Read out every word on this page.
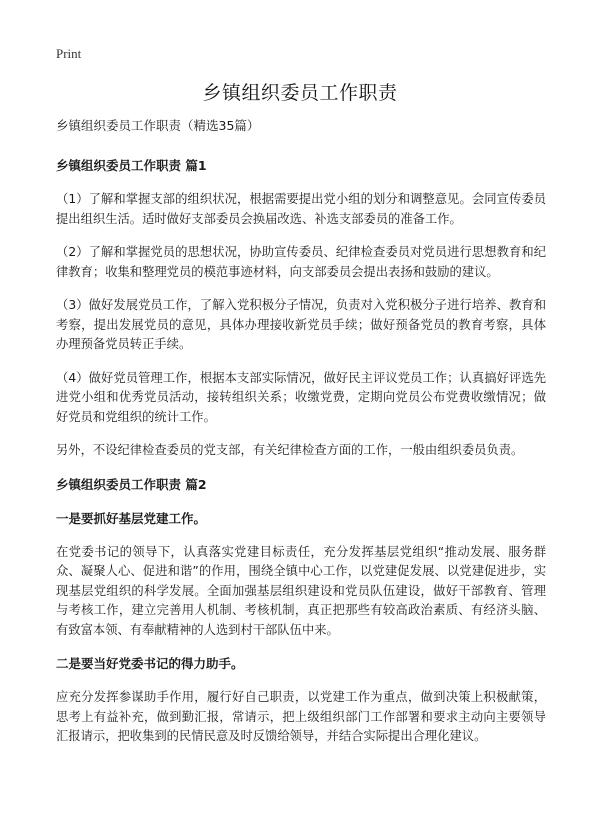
Print
乡镇组织委员工作职责

乡镇组织委员工作职责（精选35篇）

乡镇组织委员工作职责 篇1

（1）了解和掌握支部的组织状况，根据需要提出党小组的划分和调整意见。会同宣传委员提出组织生活。适时做好支部委员会换届改选、补选支部委员的准备工作。

（2）了解和掌握党员的思想状况，协助宣传委员、纪律检查委员对党员进行思想教育和纪律教育；收集和整理党员的模范事迹材料，向支部委员会提出表扬和鼓励的建议。

（3）做好发展党员工作，了解入党积极分子情况，负责对入党积极分子进行培养、教育和考察，提出发展党员的意见，具体办理接收新党员手续；做好预备党员的教育考察，具体办理预备党员转正手续。

（4）做好党员管理工作，根据本支部实际情况，做好民主评议党员工作；认真搞好评选先进党小组和优秀党员活动，接转组织关系；收缴党费，定期向党员公布党费收缴情况；做好党员和党组织的统计工作。

另外，不设纪律检查委员的党支部，有关纪律检查方面的工作，一般由组织委员负责。

乡镇组织委员工作职责 篇2

一是要抓好基层党建工作。

在党委书记的领导下，认真落实党建目标责任，充分发挥基层党组织“推动发展、服务群众、凝聚人心、促进和谐”的作用，围绕全镇中心工作，以党建促发展、以党建促进步，实现基层党组织的科学发展。全面加强基层组织建设和党员队伍建设，做好干部教育、管理与考核工作，建立完善用人机制、考核机制，真正把那些有较高政治素质、有经济头脑、有致富本领、有奉献精神的人选到村干部队伍中来。

二是要当好党委书记的得力助手。

应充分发挥参谋助手作用，履行好自己职责，以党建工作为重点，做到决策上积极献策，思考上有益补充，做到勤汇报，常请示，把上级组织部门工作部署和要求主动向主要领导汇报请示，把收集到的民情民意及时反馈给领导，并结合实际提出合理化建议。
